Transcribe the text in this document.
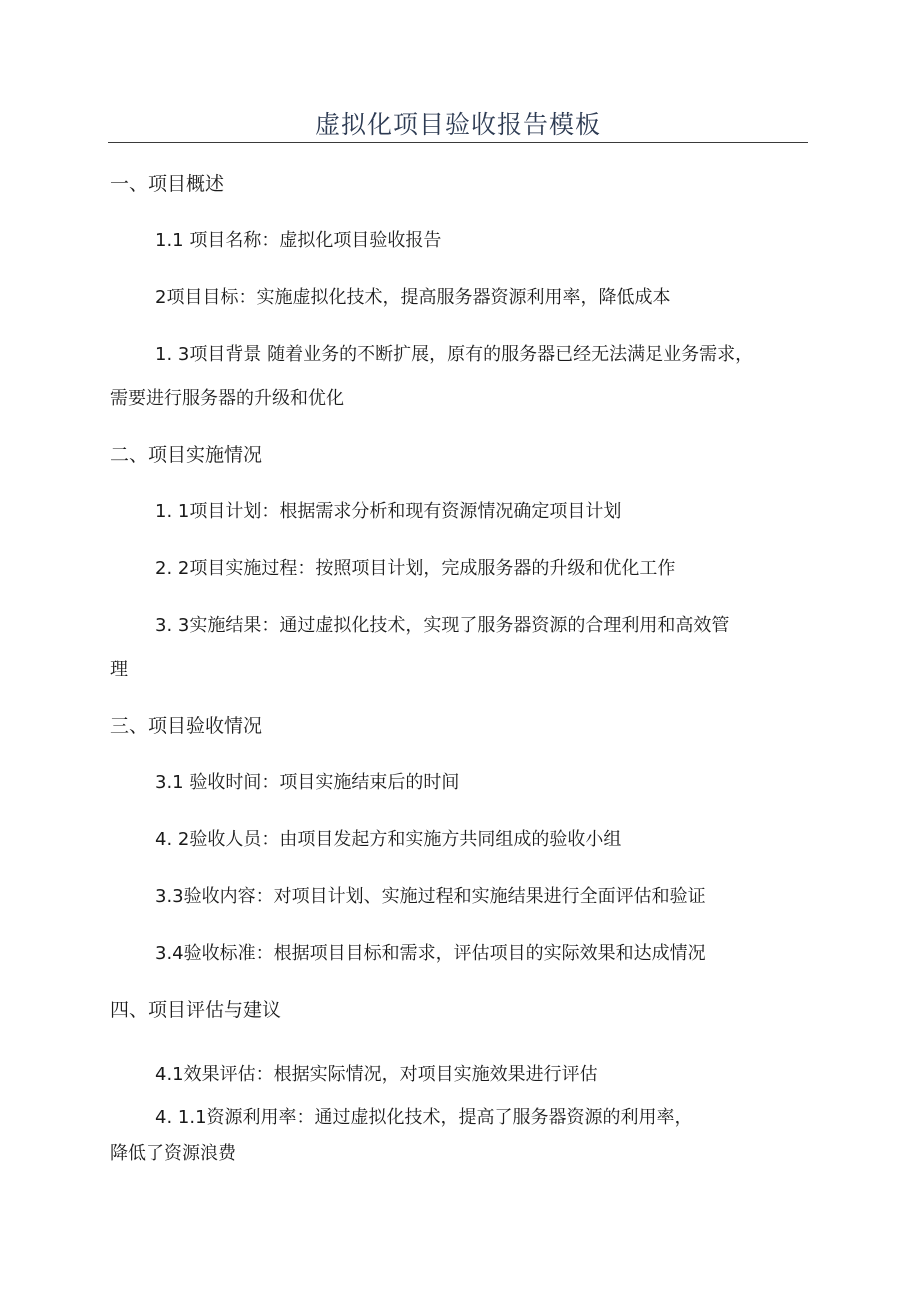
虚拟化项目验收报告模板
一、项目概述
1.1 项目名称：虚拟化项目验收报告
2项目目标：实施虚拟化技术，提高服务器资源利用率，降低成本
1. 3项目背景 随着业务的不断扩展，原有的服务器已经无法满足业务需求，
需要进行服务器的升级和优化
二、项目实施情况
1. 1项目计划：根据需求分析和现有资源情况确定项目计划
2. 2项目实施过程：按照项目计划，完成服务器的升级和优化工作
3. 3实施结果：通过虚拟化技术，实现了服务器资源的合理利用和高效管
理
三、项目验收情况
3.1 验收时间：项目实施结束后的时间
4. 2验收人员：由项目发起方和实施方共同组成的验收小组
3.3验收内容：对项目计划、实施过程和实施结果进行全面评估和验证
3.4验收标准：根据项目目标和需求，评估项目的实际效果和达成情况
四、项目评估与建议
4.1效果评估：根据实际情况，对项目实施效果进行评估
4. 1.1资源利用率：通过虚拟化技术，提高了服务器资源的利用率，
降低了资源浪费
